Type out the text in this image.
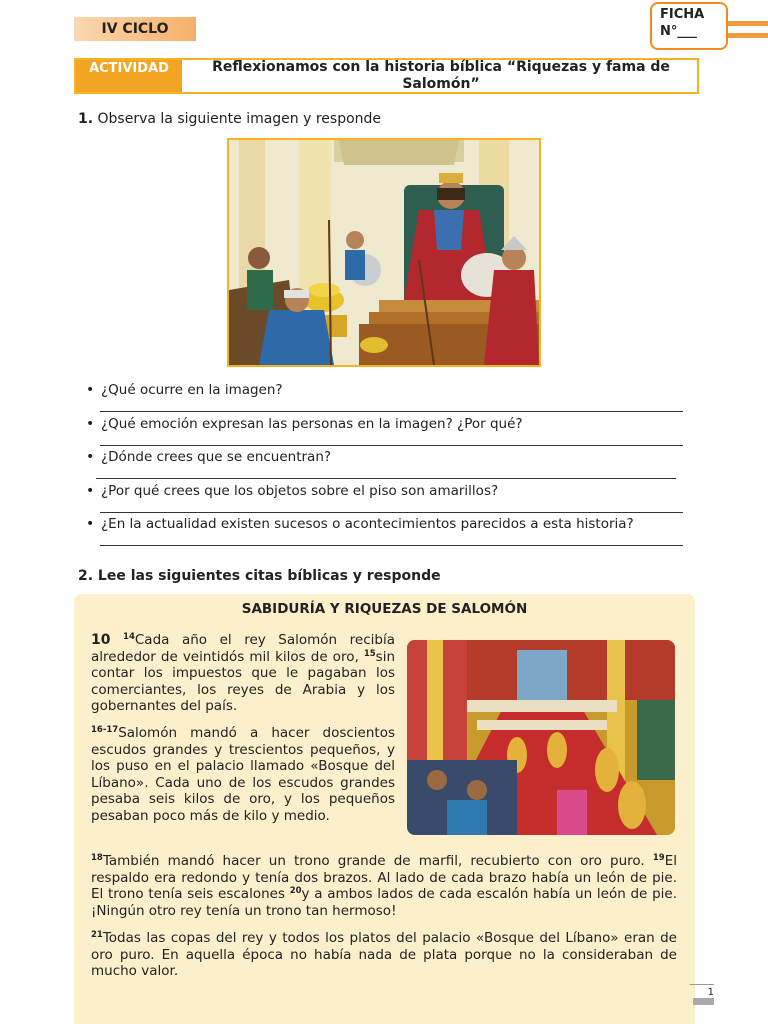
IV CICLO
FICHA
N°___
ACTIVIDAD	Reflexionamos con la historia bíblica “Riquezas y fama de Salomón”
1. Observa la siguiente imagen y responde
• ¿Qué ocurre en la imagen?
• ¿Qué emoción expresan las personas en la imagen? ¿Por qué?
• ¿Dónde crees que se encuentran?
• ¿Por qué crees que los objetos sobre el piso son amarillos?
• ¿En la actualidad existen sucesos o acontecimientos parecidos a esta historia?
2. Lee las siguientes citas bíblicas y responde
SABIDURÍA Y RIQUEZAS DE SALOMÓN
10 $^{14}$Cada año el rey Salomón recibía alrededor de veintidós mil kilos de oro, $^{15}$sin contar los impuestos que le pagaban los comerciantes, los reyes de Arabia y los gobernantes del país.
$^{16-17}$Salomón mandó a hacer doscientos escudos grandes y trescientos pequeños, y los puso en el palacio llamado «Bosque del Líbano». Cada uno de los escudos grandes pesaba seis kilos de oro, y los pequeños pesaban poco más de kilo y medio.
$^{18}$También mandó hacer un trono grande de marfil, recubierto con oro puro. $^{19}$El respaldo era redondo y tenía dos brazos. Al lado de cada brazo había un león de pie. El trono tenía seis escalones $^{20}$y a ambos lados de cada escalón había un león de pie. ¡Ningún otro rey tenía un trono tan hermoso!
$^{21}$Todas las copas del rey y todos los platos del palacio «Bosque del Líbano» eran de oro puro. En aquella época no había nada de plata porque no la consideraban de mucho valor.
1
